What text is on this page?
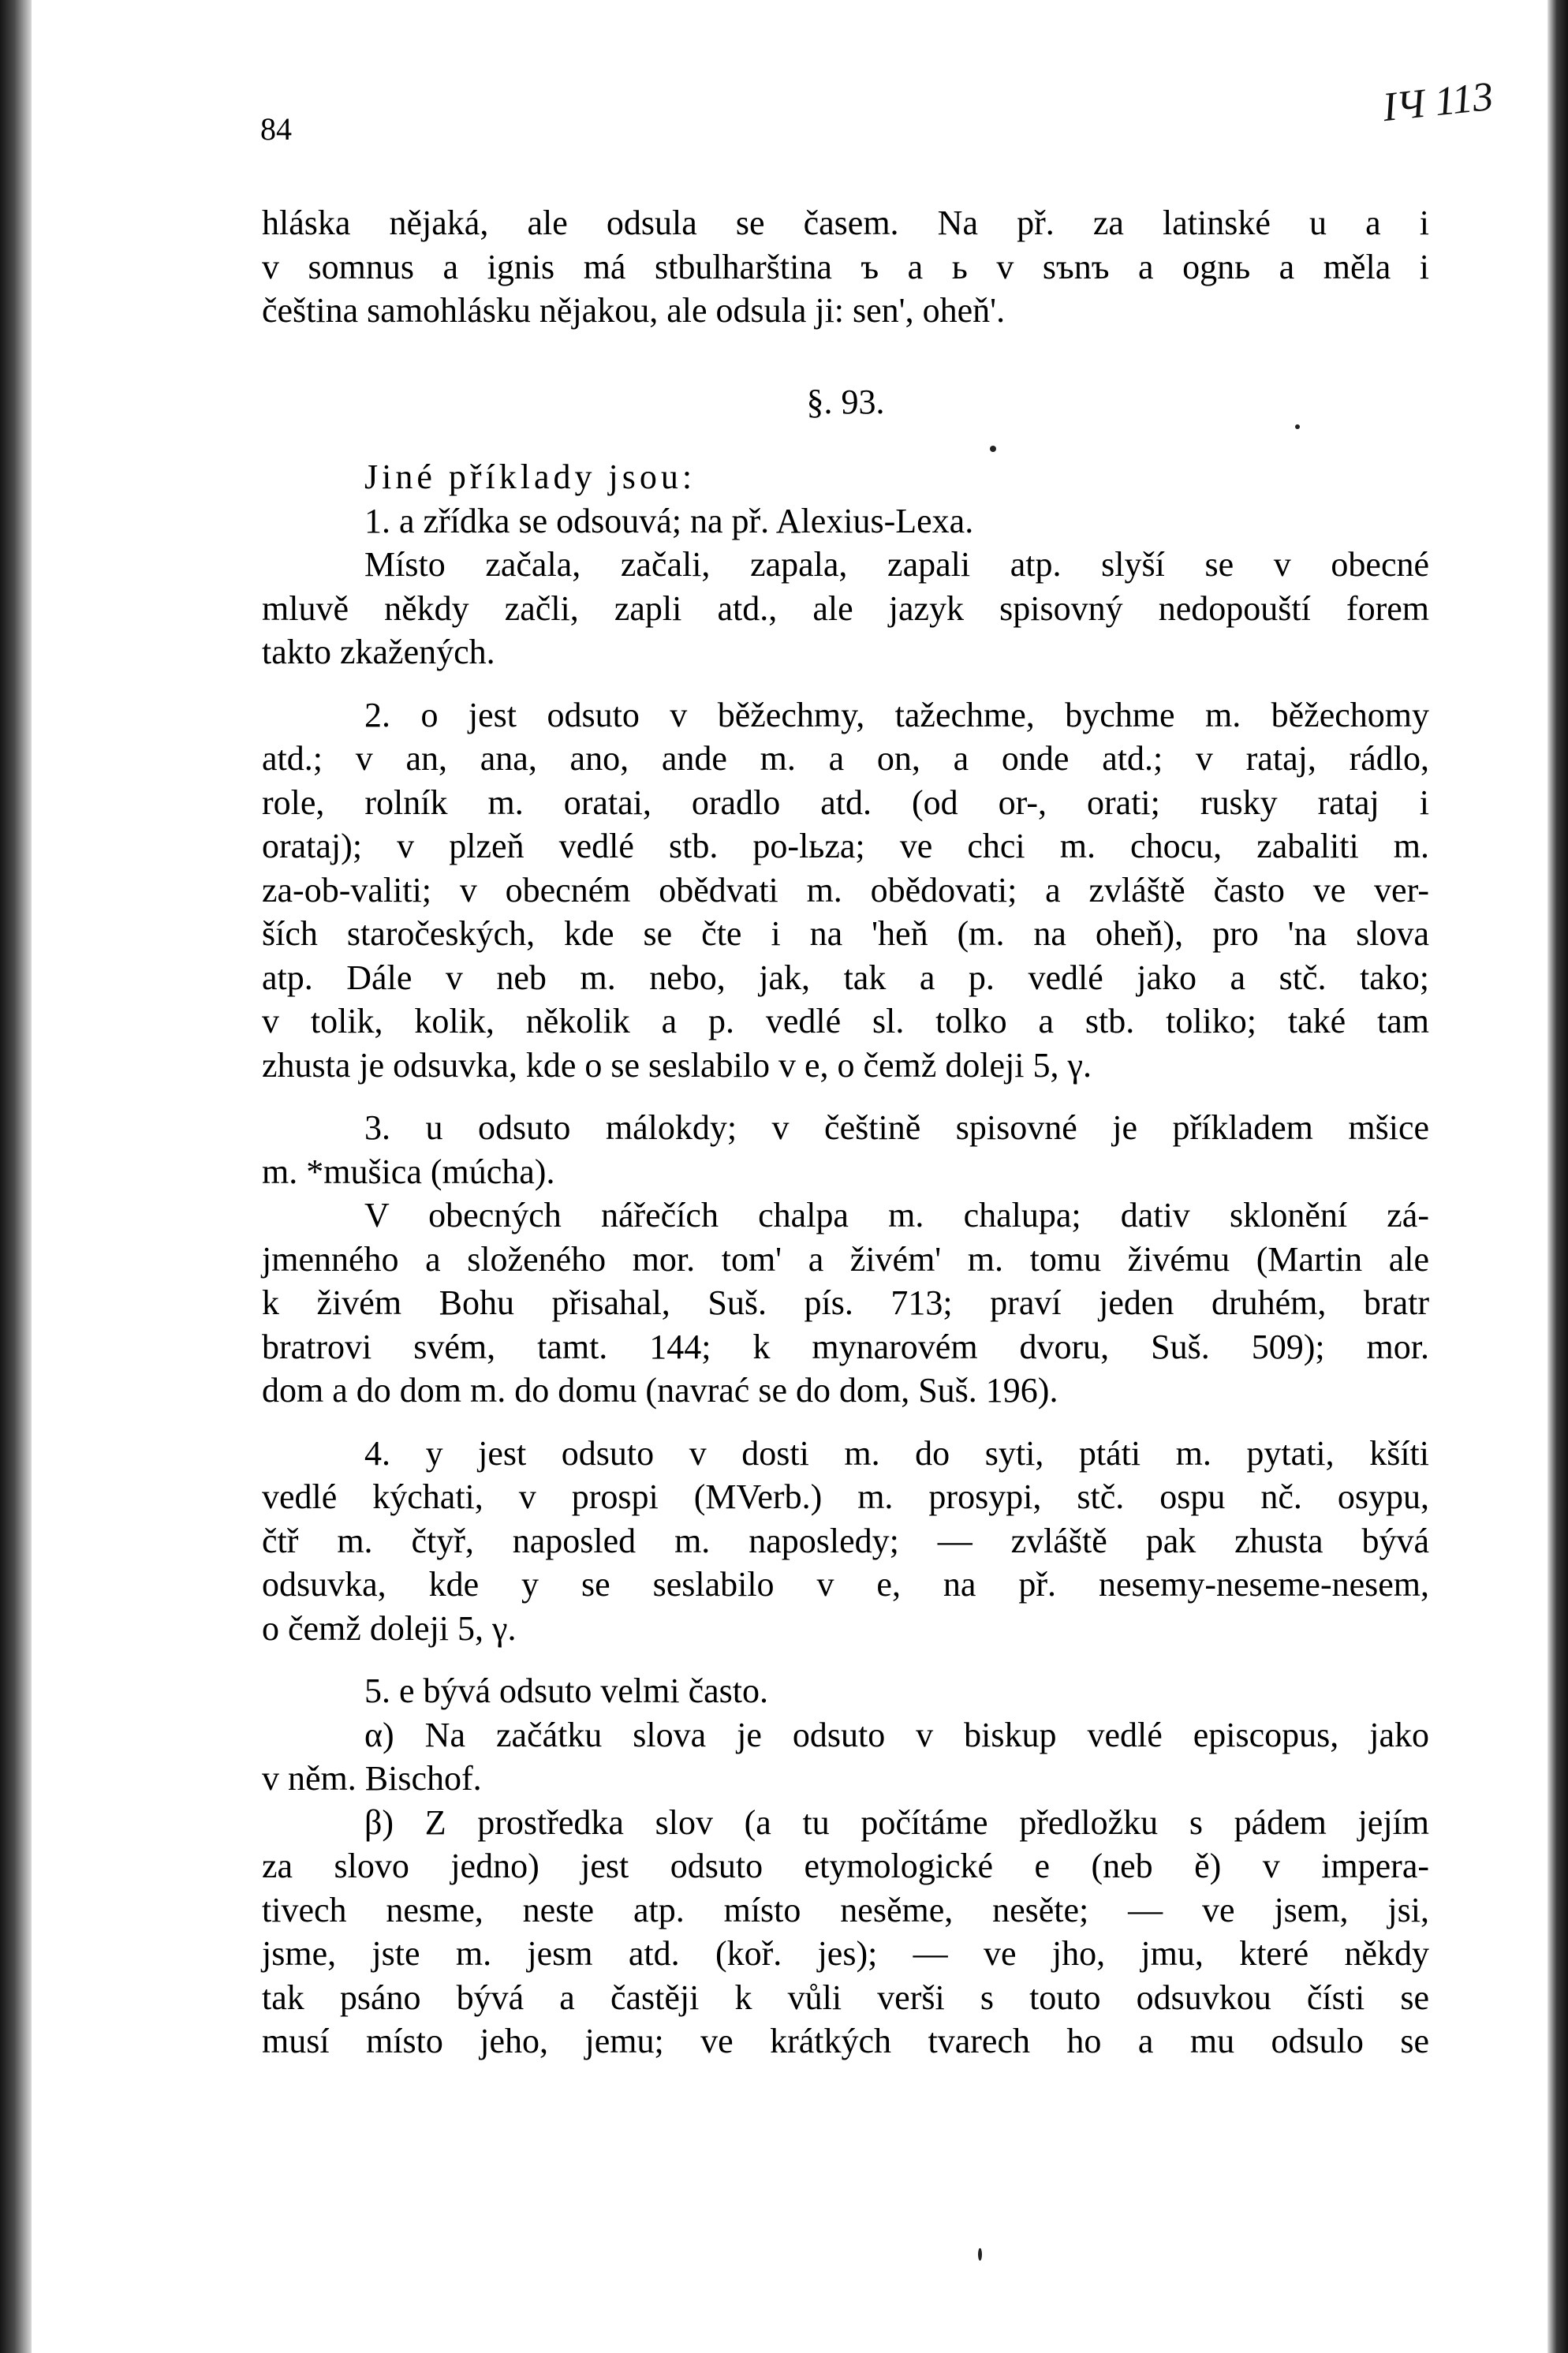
84	IЧ 113
hláska nějaká, ale odsula se časem. Na př. za latinské u a i
v somnus a ignis má stbulharština ъ a ь v sъnъ a ognь a měla i
čeština samohlásku nějakou, ale odsula ji: sen', oheň'.
§. 93.
Jiné příklady jsou:
1. a zřídka se odsouvá; na př. Alexius-Lexa.
Místo začala, začali, zapala, zapali atp. slyší se v obecné
mluvě někdy začli, zapli atd., ale jazyk spisovný nedopouští forem
takto zkažených.
2. o jest odsuto v běžechmy, tažechme, bychme m. běžechomy
atd.; v an, ana, ano, ande m. a on, a onde atd.; v rataj, rádlo,
role, rolník m. oratai, oradlo atd. (od or-, orati; rusky rataj i
orataj); v plzeň vedlé stb. po-lьza; ve chci m. chocu, zabaliti m.
za-ob-valiti; v obecném obědvati m. obědovati; a zvláště často ve ver-
ších staročeských, kde se čte i na 'heň (m. na oheň), pro 'na slova
atp. Dále v neb m. nebo, jak, tak a p. vedlé jako a stč. tako;
v tolik, kolik, několik a p. vedlé sl. tolko a stb. toliko; také tam
zhusta je odsuvka, kde o se seslabilo v e, o čemž doleji 5, γ.
3. u odsuto málokdy; v češtině spisovné je příkladem mšice
m. *mušica (múcha).
V obecných nářečích chalpa m. chalupa; dativ sklonění zá-
jmenného a složeného mor. tom' a živém' m. tomu živému (Martin ale
k živém Bohu přisahal, Suš. pís. 713; praví jeden druhém, bratr
bratrovi svém, tamt. 144; k mynarovém dvoru, Suš. 509); mor.
dom a do dom m. do domu (navrać se do dom, Suš. 196).
4. y jest odsuto v dosti m. do syti, ptáti m. pytati, kšíti
vedlé kýchati, v prospi (MVerb.) m. prosypi, stč. ospu nč. osypu,
čtř m. čtyř, naposled m. naposledy; — zvláště pak zhusta bývá
odsuvka, kde y se seslabilo v e, na př. nesemy-neseme-nesem,
o čemž doleji 5, γ.
5. e bývá odsuto velmi často.
α) Na začátku slova je odsuto v biskup vedlé episcopus, jako
v něm. Bischof.
β) Z prostředka slov (a tu počítáme předložku s pádem jejím
za slovo jedno) jest odsuto etymologické e (neb ě) v impera-
tivech nesme, neste atp. místo nesěme, nesěte; — ve jsem, jsi,
jsme, jste m. jesm atd. (koř. jes); — ve jho, jmu, které někdy
tak psáno bývá a častěji k vůli verši s touto odsuvkou čísti se
musí místo jeho, jemu; ve krátkých tvarech ho a mu odsulo se
